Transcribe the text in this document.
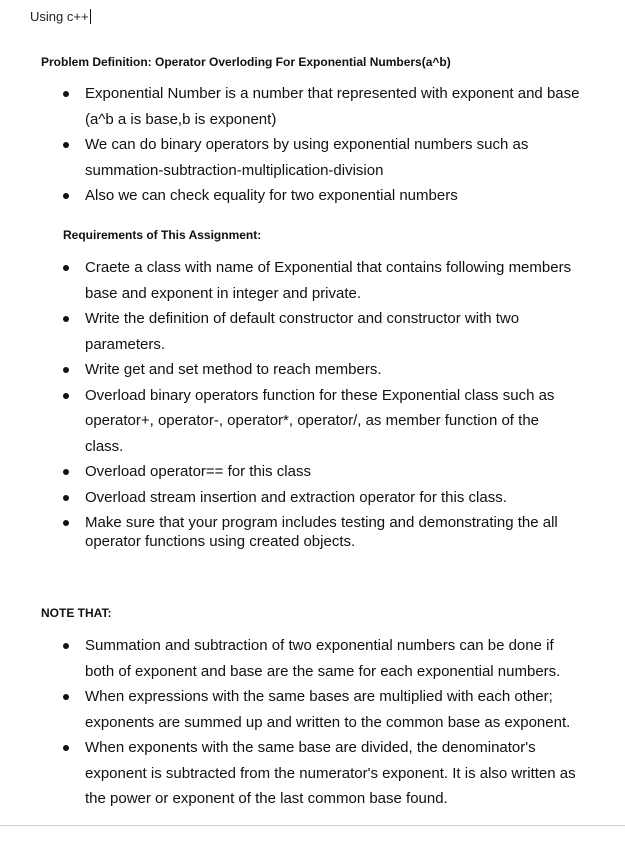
Using c++
Problem Definition: Operator Overloding For Exponential Numbers(a^b)
Exponential Number is a number that represented with exponent and base
(a^b a is base,b is exponent)
We can do binary operators by using exponential numbers such as
summation-subtraction-multiplication-division
Also we can check equality for two exponential numbers
Requirements of This Assignment:
Craete a class with name of Exponential that contains following members
base and exponent in integer and private.
Write the definition of default constructor and constructor with two
parameters.
Write get and set method to reach members.
Overload binary operators function for these Exponential class such as
operator+, operator-, operator*, operator/, as member function of the
class.
Overload operator== for this class
Overload stream insertion and extraction operator for this class.
Make sure that your program includes testing and demonstrating the all
operator functions using created objects.
NOTE THAT:
Summation and subtraction of two exponential numbers can be done if
both of exponent and base are the same for each exponential numbers.
When expressions with the same bases are multiplied with each other;
exponents are summed up and written to the common base as exponent.
When exponents with the same base are divided, the denominator's
exponent is subtracted from the numerator's exponent. It is also written as
the power or exponent of the last common base found.
